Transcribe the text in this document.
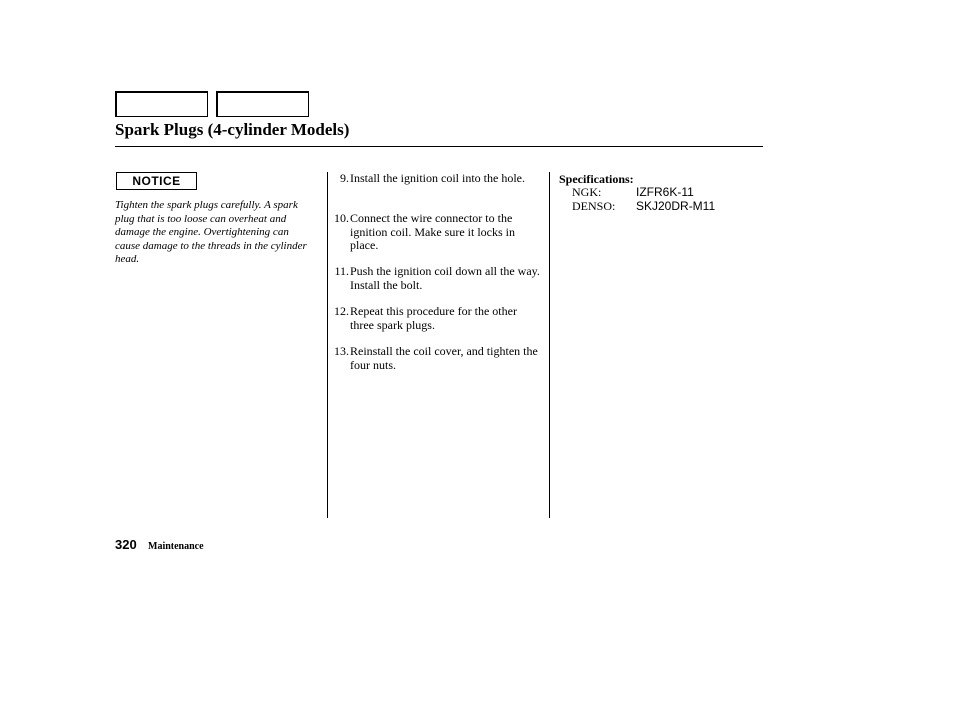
Spark Plugs (4-cylinder Models)
NOTICE
Tighten the spark plugs carefully. A spark plug that is too loose can overheat and damage the engine. Overtightening can cause damage to the threads in the cylinder head.
9. Install the ignition coil into the hole.
10. Connect the wire connector to the ignition coil. Make sure it locks in place.
11. Push the ignition coil down all the way. Install the bolt.
12. Repeat this procedure for the other three spark plugs.
13. Reinstall the coil cover, and tighten the four nuts.
Specifications:
NGK:	IZFR6K-11
DENSO: SKJ20DR-M11
320 Maintenance
